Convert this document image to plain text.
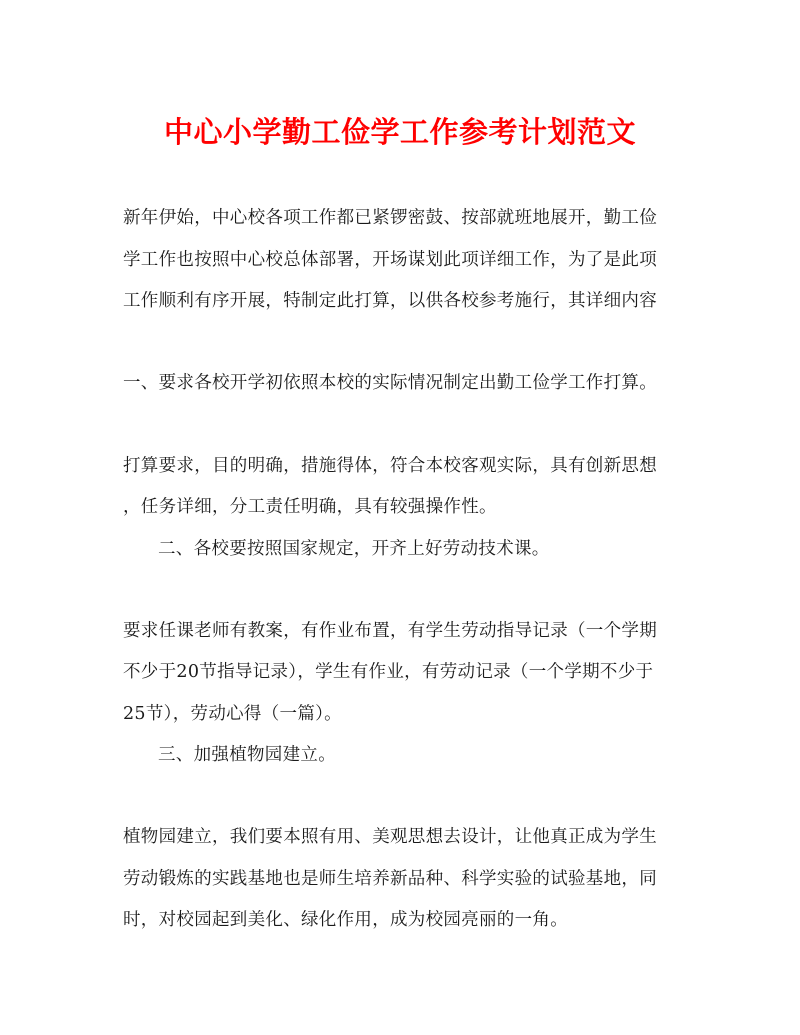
中心小学勤工俭学工作参考计划范文
新年伊始，中心校各项工作都已紧锣密鼓、按部就班地展开，勤工俭
学工作也按照中心校总体部署，开场谋划此项详细工作，为了是此项
工作顺利有序开展，特制定此打算，以供各校参考施行，其详细内容
一、要求各校开学初依照本校的实际情况制定出勤工俭学工作打算。
打算要求，目的明确，措施得体，符合本校客观实际，具有创新思想
，任务详细，分工责任明确，具有较强操作性。
二、各校要按照国家规定，开齐上好劳动技术课。
要求任课老师有教案，有作业布置，有学生劳动指导记录（一个学期
不少于20节指导记录），学生有作业，有劳动记录（一个学期不少于
25节），劳动心得（一篇）。
三、加强植物园建立。
植物园建立，我们要本照有用、美观思想去设计，让他真正成为学生
劳动锻炼的实践基地也是师生培养新品种、科学实验的试验基地，同
时，对校园起到美化、绿化作用，成为校园亮丽的一角。
